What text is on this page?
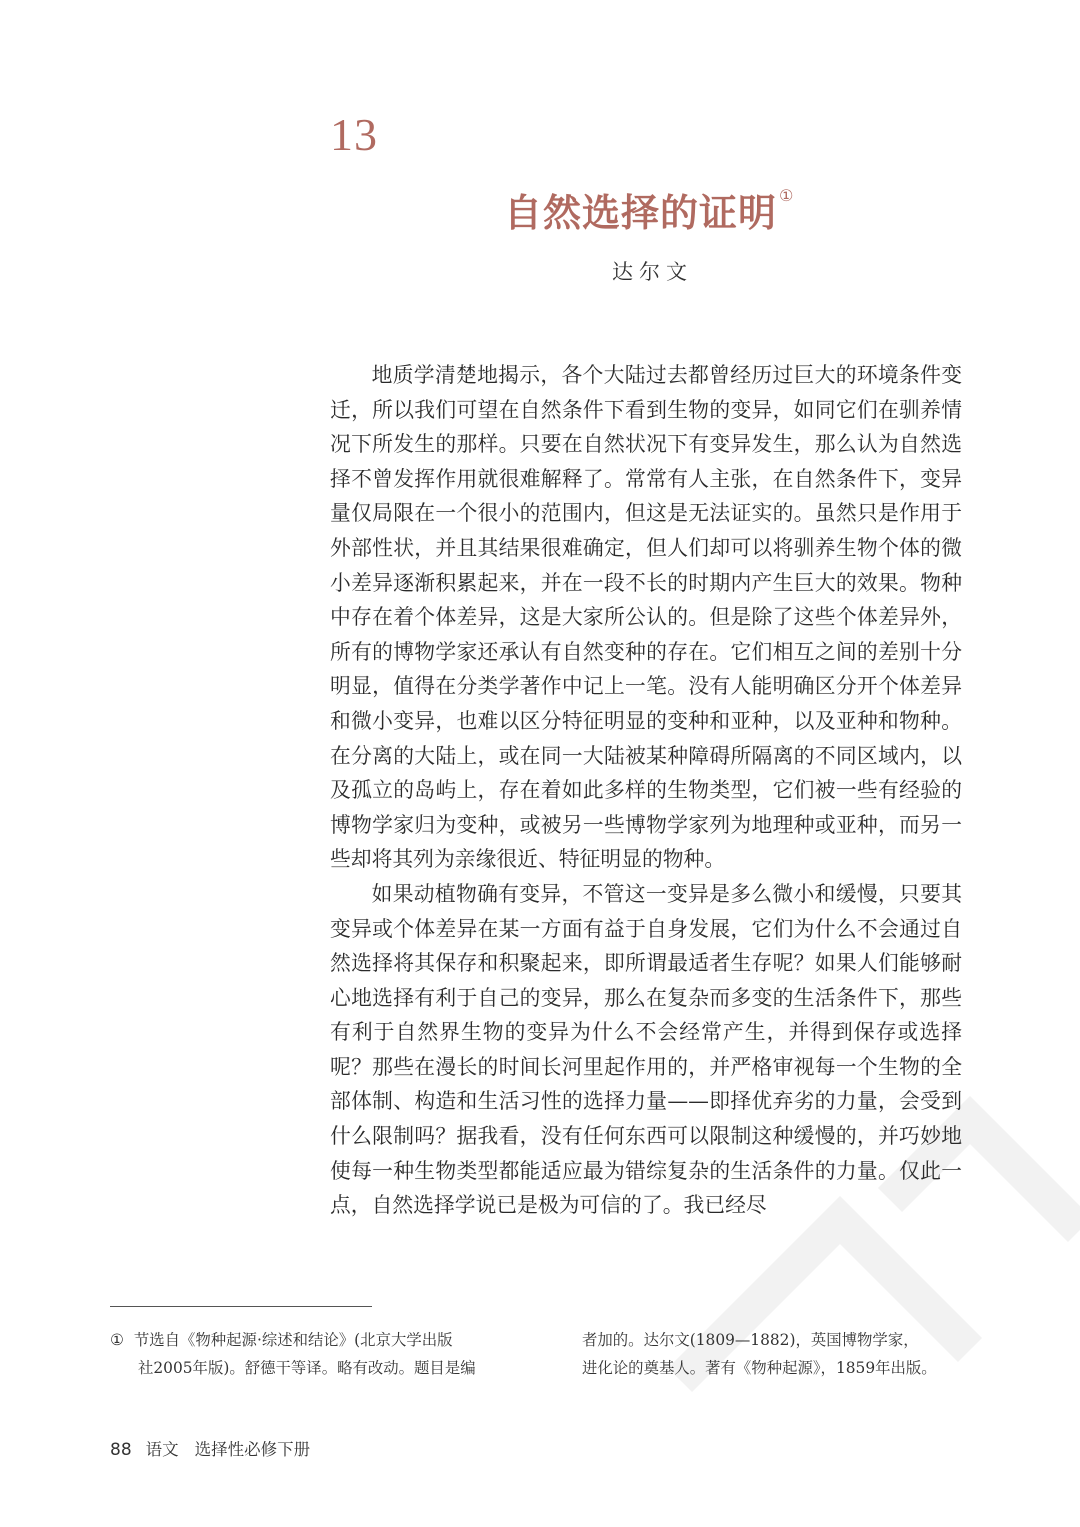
13
自然选择的证明 ①
达尔文

地质学清楚地揭示，各个大陆过去都曾经历过巨大的环境条件变迁，所以我们可望在自然条件下看到生物的变异，如同它们在驯养情况下所发生的那样。只要在自然状况下有变异发生，那么认为自然选择不曾发挥作用就很难解释了。常常有人主张，在自然条件下，变异量仅局限在一个很小的范围内，但这是无法证实的。虽然只是作用于外部性状，并且其结果很难确定，但人们却可以将驯养生物个体的微小差异逐渐积累起来，并在一段不长的时期内产生巨大的效果。物种中存在着个体差异，这是大家所公认的。但是除了这些个体差异外，所有的博物学家还承认有自然变种的存在。它们相互之间的差别十分明显，值得在分类学著作中记上一笔。没有人能明确区分开个体差异和微小变异，也难以区分特征明显的变种和亚种，以及亚种和物种。在分离的大陆上，或在同一大陆被某种障碍所隔离的不同区域内，以及孤立的岛屿上，存在着如此多样的生物类型，它们被一些有经验的博物学家归为变种，或被另一些博物学家列为地理种或亚种，而另一些却将其列为亲缘很近、特征明显的物种。

如果动植物确有变异，不管这一变异是多么微小和缓慢，只要其变异或个体差异在某一方面有益于自身发展，它们为什么不会通过自然选择将其保存和积聚起来，即所谓最适者生存呢？如果人们能够耐心地选择有利于自己的变异，那么在复杂而多变的生活条件下，那些有利于自然界生物的变异为什么不会经常产生，并得到保存或选择呢？那些在漫长的时间长河里起作用的，并严格审视每一个生物的全部体制、构造和生活习性的选择力量——即择优弃劣的力量，会受到什么限制吗？据我看，没有任何东西可以限制这种缓慢的，并巧妙地使每一种生物类型都能适应最为错综复杂的生活条件的力量。仅此一点，自然选择学说已是极为可信的了。我已经尽

① 节选自《物种起源·综述和结论》(北京大学出版
社2005年版)。舒德干等译。略有改动。题目是编
者加的。达尔文(1809—1882)，英国博物学家，
进化论的奠基人。著有《物种起源》，1859年出版。
88 语文 选择性必修下册
